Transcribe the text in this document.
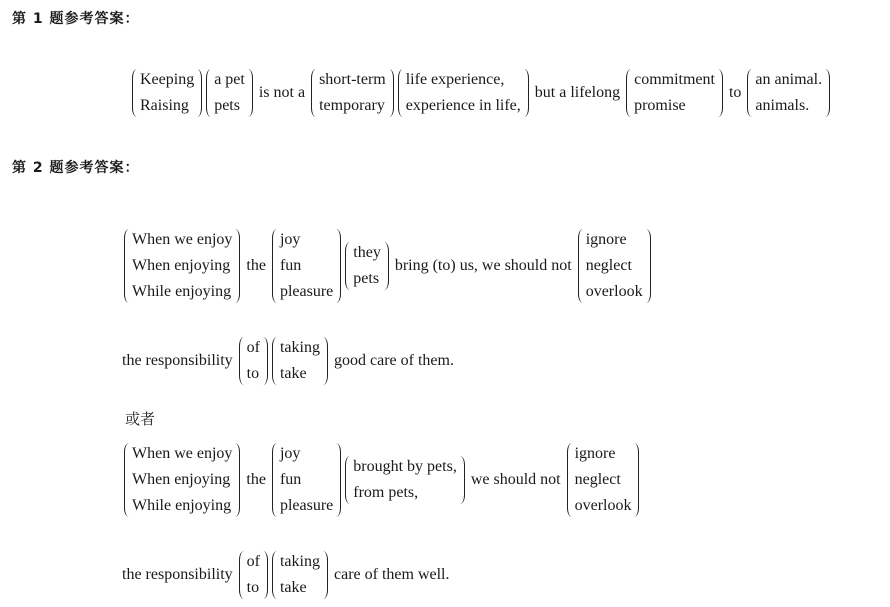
第 1 题参考答案：
Keeping
Raising
a pet
pets
is not a
short-term
temporary
life experience,
experience in life,
but a lifelong
commitment
promise
to
an animal.
animals.
第 2 题参考答案：
When we enjoy
When enjoying
While enjoying
the
joy
fun
pleasure
they
pets
bring (to) us, we should not
ignore
neglect
overlook
the responsibility
of
to
taking
take
good care of them.
或者
When we enjoy
When enjoying
While enjoying
the
joy
fun
pleasure
brought by pets,
from pets,
we should not
ignore
neglect
overlook
the responsibility
of
to
taking
take
care of them well.
